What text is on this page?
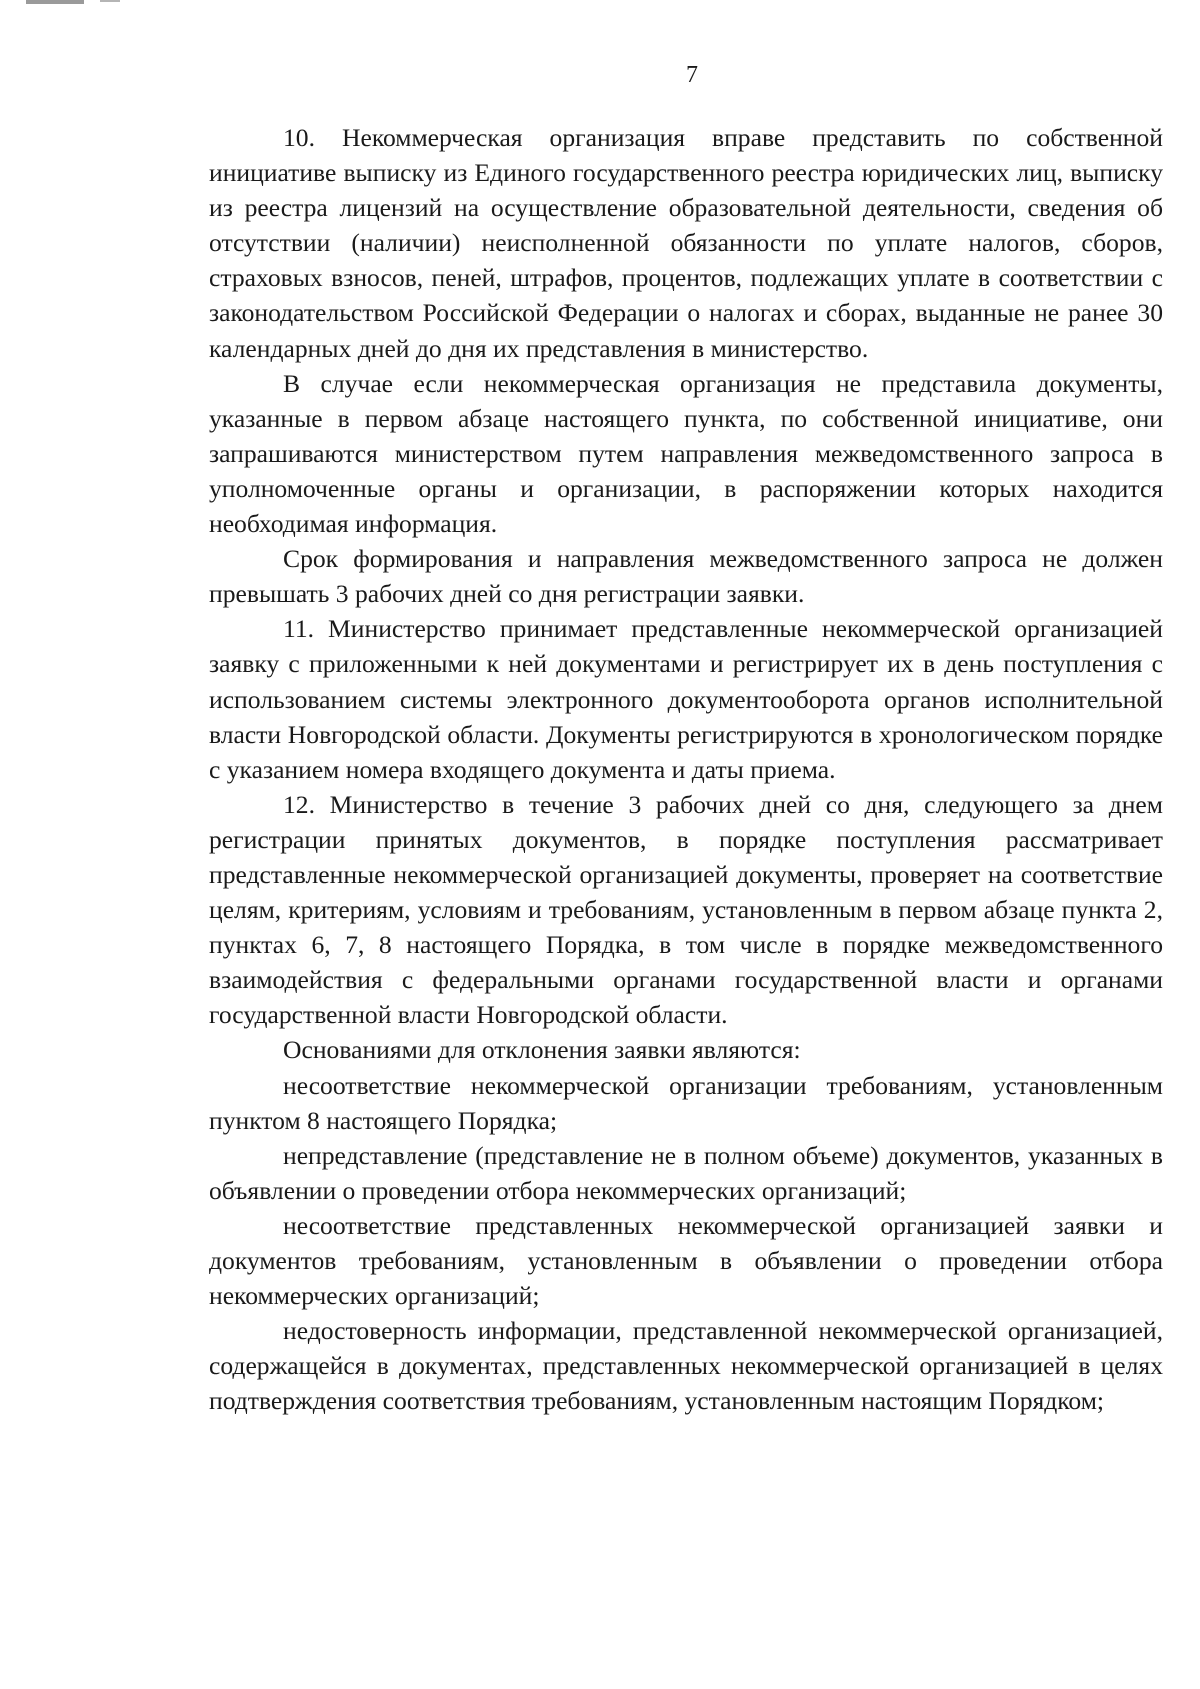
7

10. Некоммерческая организация вправе представить по собственной инициативе выписку из Единого государственного реестра юридических лиц, выписку из реестра лицензий на осуществление образовательной деятельности, сведения об отсутствии (наличии) неисполненной обязанности по уплате налогов, сборов, страховых взносов, пеней, штрафов, процентов, подлежащих уплате в соответствии с законодательством Российской Федерации о налогах и сборах, выданные не ранее 30 календарных дней до дня их представления в министерство.

В случае если некоммерческая организация не представила документы, указанные в первом абзаце настоящего пункта, по собственной инициативе, они запрашиваются министерством путем направления межведомственного запроса в уполномоченные органы и организации, в распоряжении которых находится необходимая информация.

Срок формирования и направления межведомственного запроса не должен превышать 3 рабочих дней со дня регистрации заявки.

11. Министерство принимает представленные некоммерческой организацией заявку с приложенными к ней документами и регистрирует их в день поступления с использованием системы электронного документооборота органов исполнительной власти Новгородской области. Документы регистрируются в хронологическом порядке с указанием номера входящего документа и даты приема.

12. Министерство в течение 3 рабочих дней со дня, следующего за днем регистрации принятых документов, в порядке поступления рассматривает представленные некоммерческой организацией документы, проверяет на соответствие целям, критериям, условиям и требованиям, установленным в первом абзаце пункта 2, пунктах 6, 7, 8 настоящего Порядка, в том числе в порядке межведомственного взаимодействия с федеральными органами государственной власти и органами государственной власти Новгородской области.

Основаниями для отклонения заявки являются:

несоответствие некоммерческой организации требованиям, установленным пунктом 8 настоящего Порядка;

непредставление (представление не в полном объеме) документов, указанных в объявлении о проведении отбора некоммерческих организаций;

несоответствие представленных некоммерческой организацией заявки и документов требованиям, установленным в объявлении о проведении отбора некоммерческих организаций;

недостоверность информации, представленной некоммерческой организацией, содержащейся в документах, представленных некоммерческой организацией в целях подтверждения соответствия требованиям, установленным настоящим Порядком;
